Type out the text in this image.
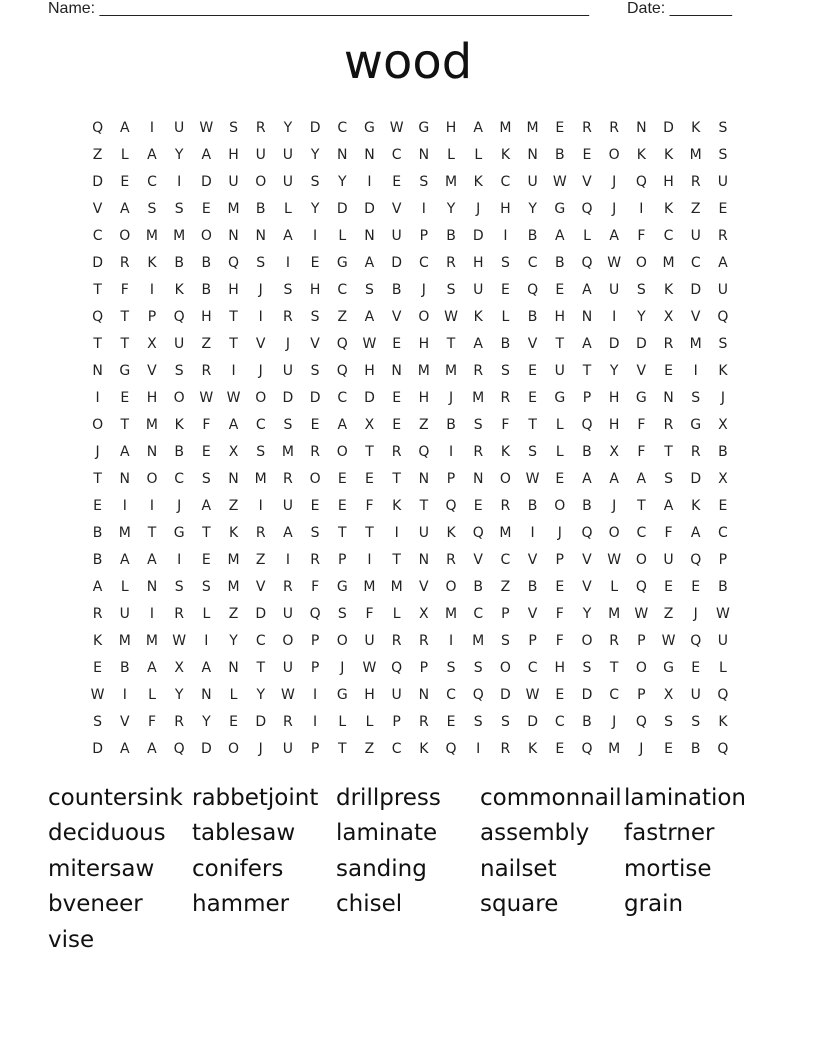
Name: _______________________________________________________ Date: _______
wood
Q	A	I	U	W	S	R	Y	D	C	G	W	G	H	A	M	M	E	R	R	N	D	K	S
Z	L	A	Y	A	H	U	U	Y	N	N	C	N	L	L	K	N	B	E	O	K	K	M	S
D	E	C	I	D	U	O	U	S	Y	I	E	S	M	K	C	U	W	V	J	Q	H	R	U
V	A	S	S	E	M	B	L	Y	D	D	V	I	Y	J	H	Y	G	Q	J	I	K	Z	E
C	O	M	M	O	N	N	A	I	L	N	U	P	B	D	I	B	A	L	A	F	C	U	R
D	R	K	B	B	Q	S	I	E	G	A	D	C	R	H	S	C	B	Q	W	O	M	C	A
T	F	I	K	B	H	J	S	H	C	S	B	J	S	U	E	Q	E	A	U	S	K	D	U
Q	T	P	Q	H	T	I	R	S	Z	A	V	O	W	K	L	B	H	N	I	Y	X	V	Q
T	T	X	U	Z	T	V	J	V	Q	W	E	H	T	A	B	V	T	A	D	D	R	M	S
N	G	V	S	R	I	J	U	S	Q	H	N	M	M	R	S	E	U	T	Y	V	E	I	K
I	E	H	O	W W	O	D	D	C	D	E	H	J	M	R	E	G	P	H	G	N	S	J
O	T	M	K	F	A	C	S	E	A	X	E	Z	B	S	F	T	L	Q	H	F	R	G	X
J	A	N	B	E	X	S	M	R	O	T	R	Q	I	R	K	S	L	B	X	F	T	R	B
T	N	O	C	S	N	M	R	O	E	E	T	N	P	N	O	W	E	A	A	A	S	D	X
E	I	I	J	A	Z	I	U	E	E	F	K	T	Q	E	R	B	O	B	J	T	A	K	E
B	M	T	G	T	K	R	A	S	T	T	I	U	K	Q	M	I	J	Q	O	C	F	A	C
B	A	A	I	E	M	Z	I	R	P	I	T	N	R	V	C	V	P	V	W	O	U	Q	P
A	L	N	S	S	M	V	R	F	G	M	M	V	O	B	Z	B	E	V	L	Q	E	E	B
R	U	I	R	L	Z	D	U	Q	S	F	L	X	M	C	P	V	F	Y	M	W	Z	J	W
K	M	M	W	I	Y	C	O	P	O	U	R	R	I	M	S	P	F	O	R	P	W	Q	U
E	B	A	X	A	N	T	U	P	J	W	Q	P	S	S	O	C	H	S	T	O	G	E	L
W	I	L	Y	N	L	Y	W	I	G	H	U	N	C	Q	D	W	E	D	C	P	X	U	Q
S	V	F	R	Y	E	D	R	I	L	L	P	R	E	S	S	D	C	B	J	Q	S	S	K
D	A	A	Q	D	O	J	U	P	T	Z	C	K	Q	I	R	K	E	Q	M	J	E	B	Q
countersink rabbetjoint drillpress	commonnail lamination
deciduous	tablesaw	laminate	assembly	fastrner
mitersaw	conifers	sanding	nailset	mortise
bveneer	hammer	chisel	square	grain
vise
